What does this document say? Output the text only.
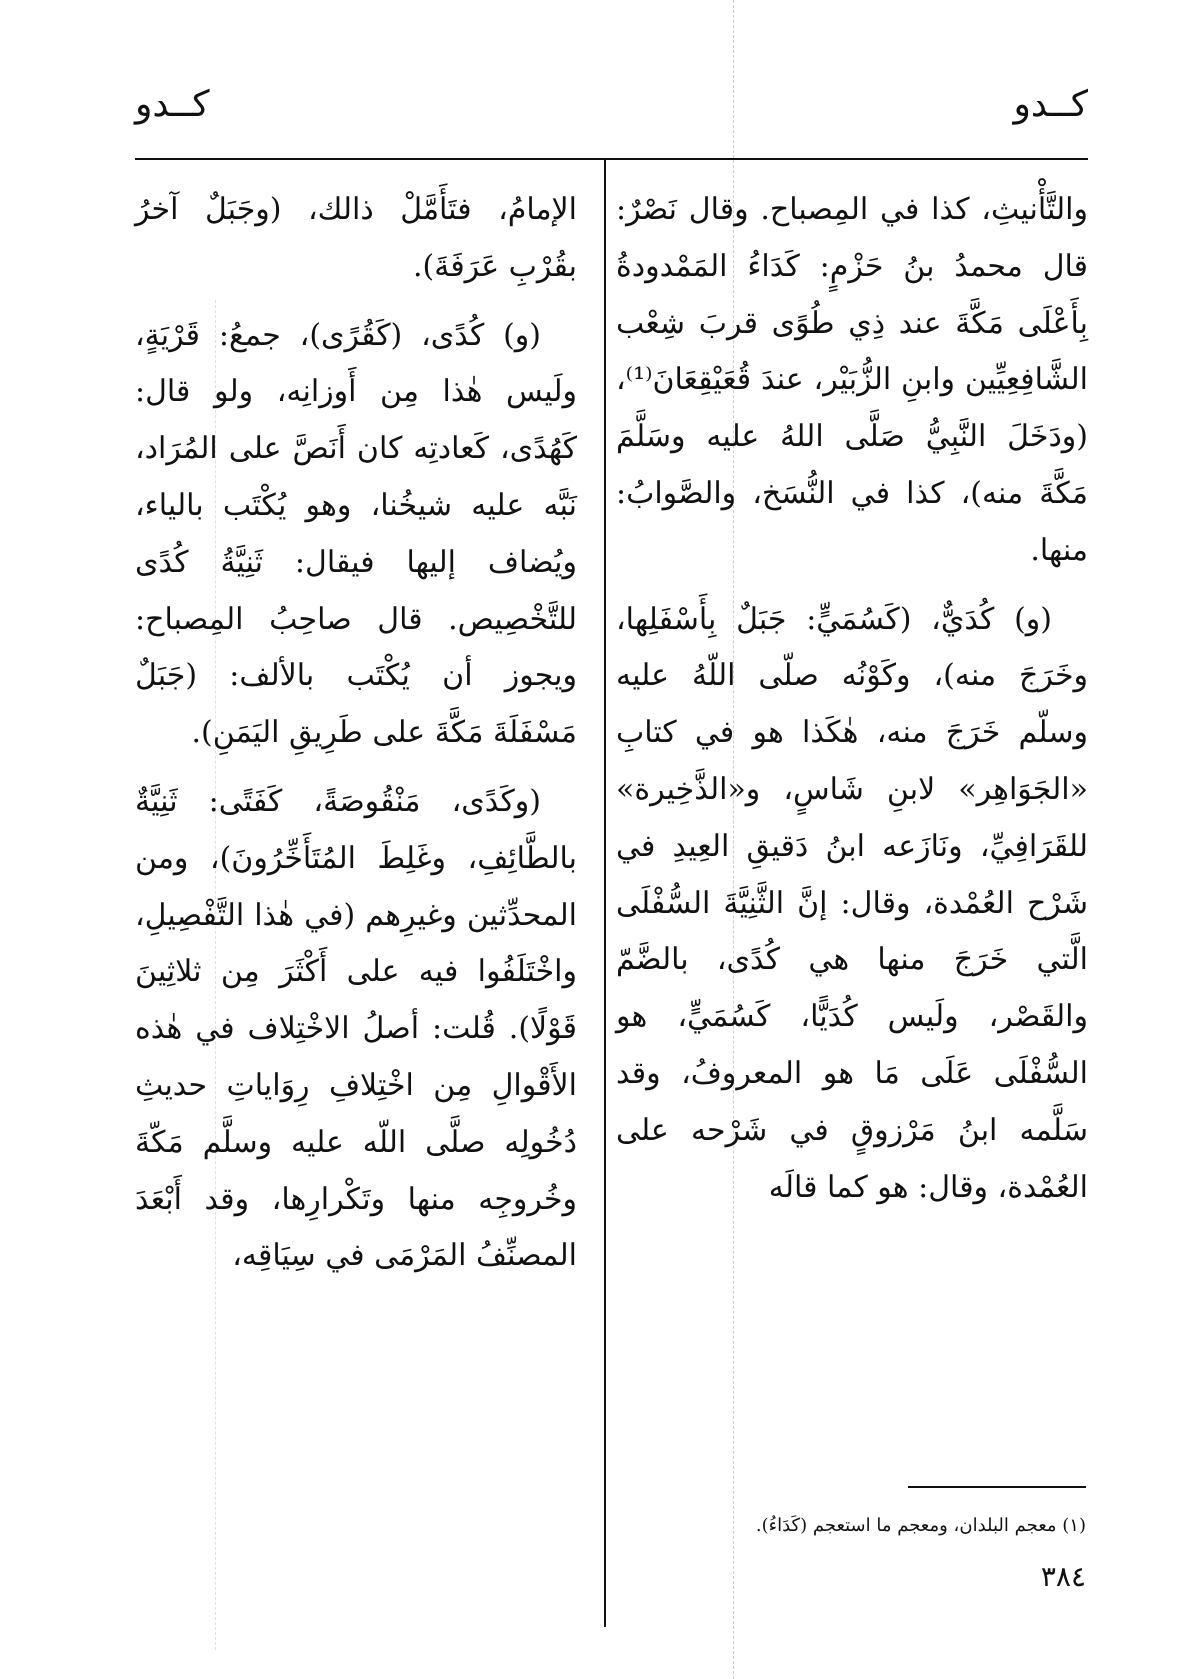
كــدو	كــدو

والتَّأْنيثِ، كذا في المِصباح. وقال نَصْرٌ: قال محمدُ بنُ حَزْمٍ: كَدَاءُ المَمْدودةُ بِأَعْلَى مَكَّةَ عند ذِي طُوًى قربَ شِعْب الشَّافِعِيِّين وابنِ الزُّبَيْر، عندَ قُعَيْقِعَانَ⁽¹⁾، (ودَخَلَ النَّبِيُّ صَلَّى اللهُ عليه وسَلَّمَ مَكَّةَ منه)، كذا في النُّسَخ، والصَّوابُ: منها.

(و) كُدَيٌّ، (كَسُمَيٍّ: جَبَلٌ بِأَسْفَلِها، وخَرَجَ منه)، وكَوْنُه صلّى اللّهُ عليه وسلّم خَرَجَ منه، هٰكَذا هو في كتابِ «الجَوَاهِر» لابنِ شَاسٍ، و«الذَّخِيرة» للقَرَافِيِّ، ونَازَعه ابنُ دَقيقِ العِيدِ في شَرْح العُمْدة، وقال: إنَّ الثَّنِيَّةَ السُّفْلَى الَّتي خَرَجَ منها هي كُدًى، بالضَّمّ والقَصْر، ولَيس كُدَيًّا، كَسُمَيٍّ، هو السُّفْلَى عَلَى مَا هو المعروفُ، وقد سَلَّمه ابنُ مَرْزوقٍ في شَرْحه على العُمْدة، وقال: هو كما قالَه

الإمامُ، فتَأَمَّلْ ذالك، (وجَبَلٌ آخرُ بقُرْبِ عَرَفَةَ).

(و) كُدًى، (كَقُرًى)، جمعُ: قَرْيَةٍ، ولَيس هٰذا مِن أَوزانِه، ولو قال: كَهُدًى، كَعادتِه كان أَنَصَّ على المُرَاد، نَبَّه عليه شيخُنا، وهو يُكْتَب بالياء، ويُضاف إليها فيقال: ثَنِيَّةُ كُدًى للتَّخْصِيص. قال صاحِبُ المِصباح: ويجوز أن يُكْتَب بالألف: (جَبَلٌ مَسْفَلَةَ مَكَّةَ على طَرِيقِ اليَمَنِ).

(وكَدًى، مَنْقُوصَةً، كَفَتًى: ثَنِيَّةٌ بالطَّائِفِ، وغَلِطَ المُتَأَخِّرُونَ)، ومن المحدِّثين وغيرِهم (في هٰذا التَّفْصِيلِ، واخْتَلَفُوا فيه على أَكْثَرَ مِن ثلاثِينَ قَوْلًا). قُلت: أصلُ الاخْتِلاف في هٰذه الأَقْوالِ مِن اخْتِلافِ رِوَاياتِ حديثِ دُخُولِه صلَّى اللّه عليه وسلَّم مَكّةَ وخُروجِه منها وتَكْرارِها، وقد أَبْعَدَ المصنِّفُ المَرْمَى في سِيَاقِه،

(١) معجم البلدان، ومعجم ما استعجم (كَدَاءُ).
٣٨٤
